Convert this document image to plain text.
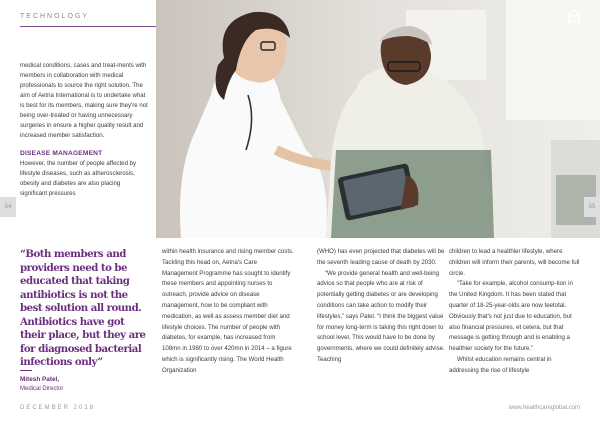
TECHNOLOGY

medical conditions, cases and treat-ments with members in collaboration with medical professionals to source the right solution. The aim of Aetna International is to undertake what is best for its members, making sure they're not being over-treated or having unnecessary surgeries in ensure a higher quality result and increased member satisfaction.

DISEASE MANAGEMENT

However, the number of people affected by lifestyle diseases, such as atherosclerosis, obesity and diabetes are also placing significant pressures

54	55
“Both members and providers need to be educated that taking antibiotics is not the best solution all round. Antibiotics have got their place, but they are for diagnosed bacterial infections only”
Mitesh Patel,
Medical Director

within health insurance and rising member costs. Tackling this head on, Aetna's Care Management Programme has sought to identify these members and appointing nurses to outreach, provide advice on disease management, how to be compliant with medication, as well as assess member diet and lifestyle choices. The number of people with diabetes, for example, has increased from 108mn in 1980 to over 420mn in 2014 – a figure which is significantly rising. The World Health Organization

(WHO) has even projected that diabetes will be the seventh leading cause of death by 2030.

“We provide general health and well-being advice so that people who are at risk of potentially getting diabetes or are developing conditions can take action to modify their lifestyles,” says Patel. “I think the biggest value for money long-term is taking this right down to school level. This would have to be done by governments, where we could definitely advise. Teaching

children to lead a healthier lifestyle, where children will inform their parents, will become full circle.

“Take for example, alcohol consump-tion in the United Kingdom. It has been stated that quarter of 18-25-year-olds are now teetotal. Obviously that's not just due to education, but also financial pressures, et cetera, but that message is getting through and is enabling a healthier society for the future.”

Whilst education remains central in addressing the rise of lifestyle

DECEMBER 2018	www.healthcareglobal.com
